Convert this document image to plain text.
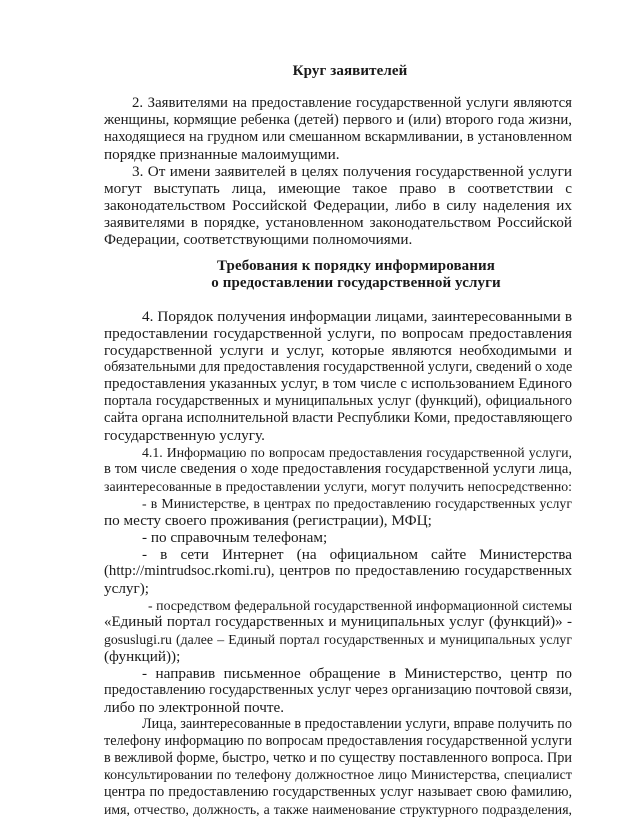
Круг заявителей
2. Заявителями на предоставление государственной услуги являются
женщины, кормящие ребенка (детей) первого и (или) второго года жизни,
находящиеся на грудном или смешанном вскармливании, в установленном
порядке признанные малоимущими.
3. От имени заявителей в целях получения государственной услуги
могут выступать лица, имеющие такое право в соответствии с
законодательством Российской Федерации, либо в силу наделения их
заявителями в порядке, установленном законодательством Российской
Федерации, соответствующими полномочиями.
Требования к порядку информирования
о предоставлении государственной услуги
4. Порядок получения информации лицами, заинтересованными в
предоставлении государственной услуги, по вопросам предоставления
государственной услуги и услуг, которые являются необходимыми и
обязательными для предоставления государственной услуги, сведений о ходе
предоставления указанных услуг, в том числе с использованием Единого
портала государственных и муниципальных услуг (функций), официального
сайта органа исполнительной власти Республики Коми, предоставляющего
государственную услугу.
4.1. Информацию по вопросам предоставления государственной услуги,
в том числе сведения о ходе предоставления государственной услуги лица,
заинтересованные в предоставлении услуги, могут получить непосредственно:
- в Министерстве, в центрах по предоставлению государственных услуг
по месту своего проживания (регистрации), МФЦ;
- по справочным телефонам;
- в сети Интернет (на официальном сайте Министерства
(http://mintrudsoc.rkomi.ru), центров по предоставлению государственных
услуг);
- посредством федеральной государственной информационной системы
«Единый портал государственных и муниципальных услуг (функций)» -
gosuslugi.ru (далее – Единый портал государственных и муниципальных услуг
(функций));
- направив письменное обращение в Министерство, центр по
предоставлению государственных услуг через организацию почтовой связи,
либо по электронной почте.
Лица, заинтересованные в предоставлении услуги, вправе получить по
телефону информацию по вопросам предоставления государственной услуги
в вежливой форме, быстро, четко и по существу поставленного вопроса. При
консультировании по телефону должностное лицо Министерства, специалист
центра по предоставлению государственных услуг называет свою фамилию,
имя, отчество, должность, а также наименование структурного подразделения,
